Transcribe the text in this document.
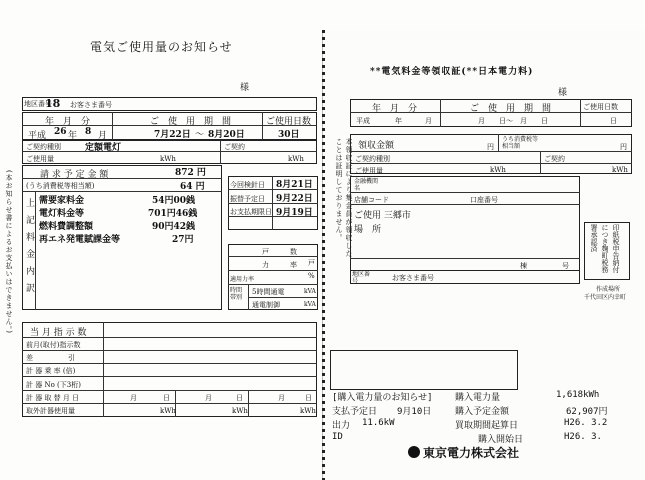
電気ご使用量のお知らせ
様
地区番号
18 お客さま番号
年　月　分	ご　使　用　期　間	ご使用日数
平成 26 年 8 月	7月22日 〜 8月20日	30日
ご契約種別	定額電灯	ご契約
ご使用量	kWh	kWh
請 求 予 定 金 額	872 円
(うち消費税等相当額)	64 円
上記料金内訳 需要家料金	54円00銭
電灯料金等	701円46銭
燃料費調整額	90円42銭
再エネ発電賦課金等	27円
今回検針日 8月21日
振替予定日 9月22日
お支払期限日 9月19日
戸　　　数
戸
力　　　率
適用力率	%
時間帯別
5時間通電	kVA
通電制御	kVA
(本お知らせ書によるお支払いはできません。) 当 月 指 示 数
前月(取付)指示数
差　　　　　引
計 器 乗 率 (倍)
計 器 No (下3桁)
計 器 取 替 月 日
取外計器使用量
月	日	月	日	月	日
kWh	kWh	kWh
**電気料金等領収証(**日本電力料)
様
本領収証により集金員が領収したことは証明しておりません。
年　月　分	ご　使　用　期　間	ご使用日数
平成	年	月	月　　日〜　月　　日	日
領収金額	円
うち消費税等相当額	円
ご契約種別	ご契約
ご使用量	kWh	kWh
金融機関名
店舗コード	口座番号
ご使用 三郷市
場　所
棟	号
地区番号	お客さま番号
印紙税申告納付につき麹町税務署承認済
作成場所
千代田区内幸町
[購入電力量のお知らせ] 購入電力量	1,618kWh
支払予定日 9月10日	購入予定金額	62,907円
出力 11.6kW	買取期間起算日	H26. 3.2
ID	購入開始日	H26. 3.
東京電力株式会社
